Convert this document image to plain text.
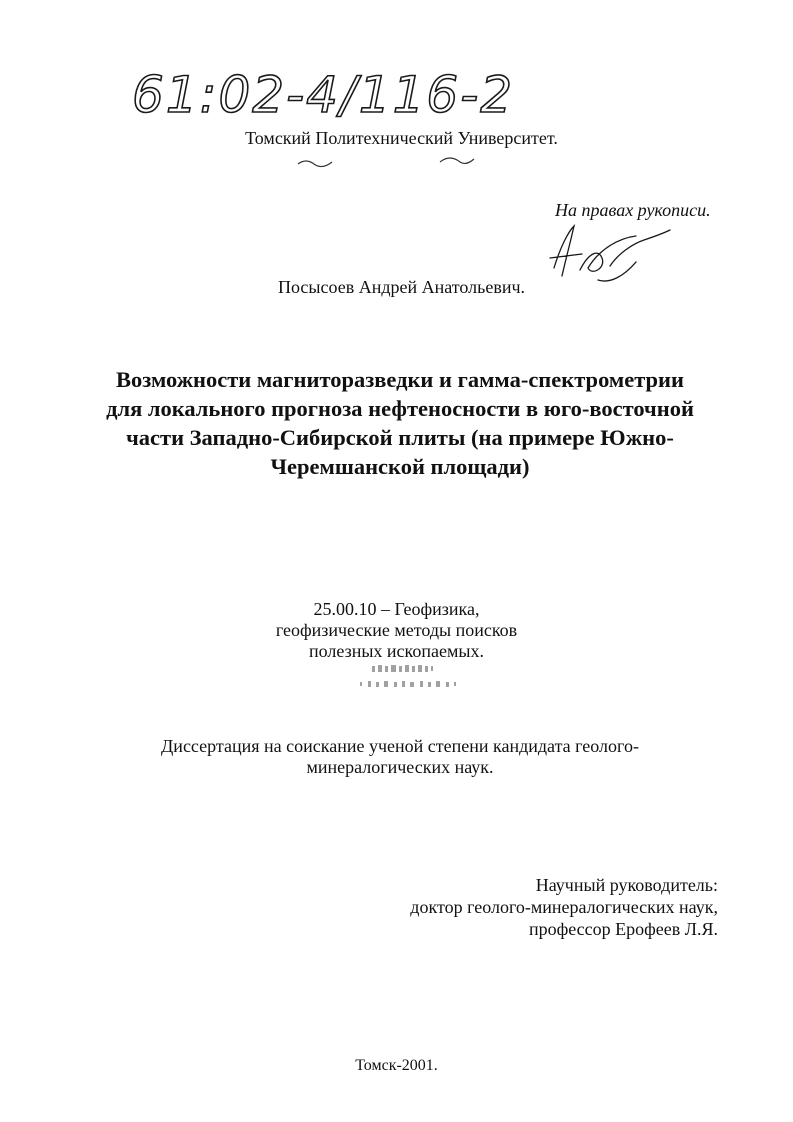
61:02-4/116-2
Томский Политехнический Университет.
На правах рукописи.
Посысоев Андрей Анатольевич.
Возможности магниторазведки и гамма-спектрометрии
для локального прогноза нефтеносности в юго-восточной
части Западно-Сибирской плиты (на примере Южно-
Черемшанской площади)
25.00.10 – Геофизика,
геофизические методы поисков
полезных ископаемых.
Диссертация на соискание ученой степени кандидата геолого-
минералогических наук.
Научный руководитель:
доктор геолого-минералогических наук,
профессор Ерофеев Л.Я.
Томск-2001.
